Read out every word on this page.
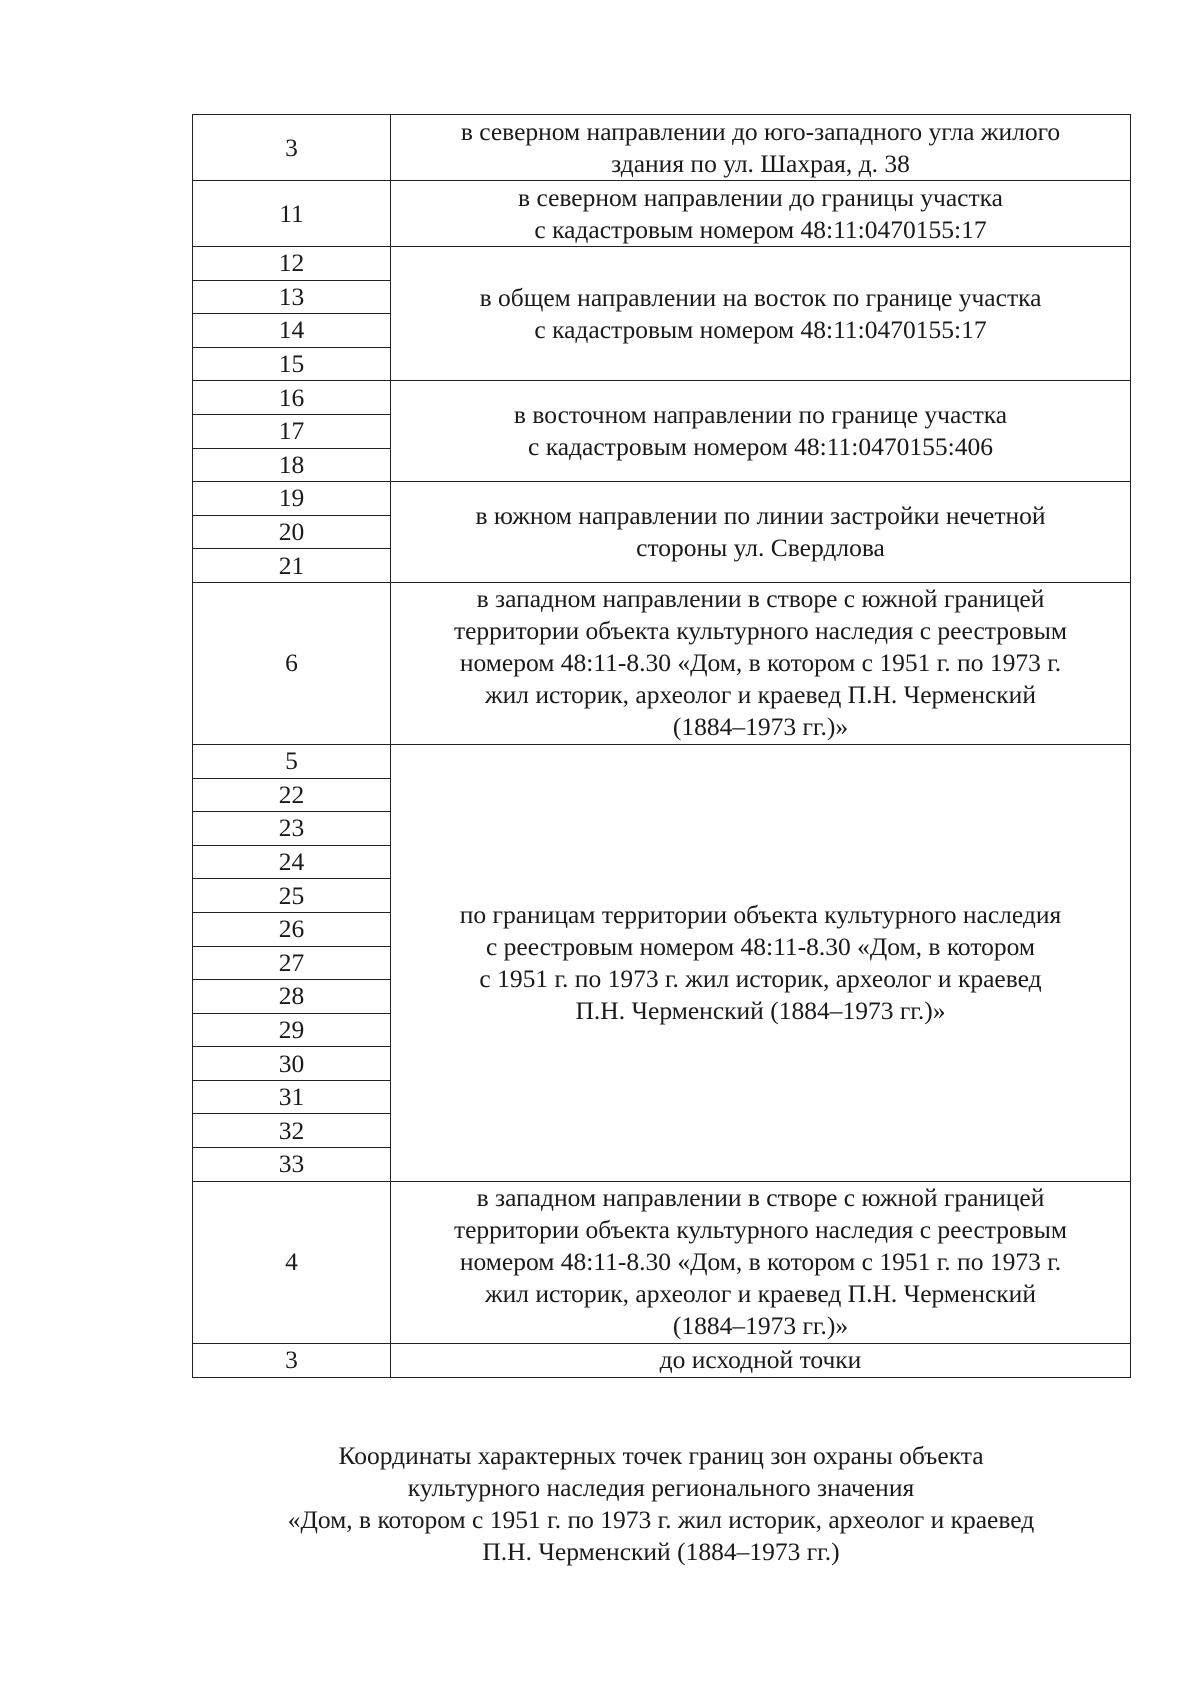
3	в северном направлении до юго-западного угла жилого
здания по ул. Шахрая, д. 38

11	в северном направлении до границы участка
с кадастровым номером 48:11:0470155:17

12	в общем направлении на восток по границе участка
с кадастровым номером 48:11:0470155:17

13	
14	
15	
16	в восточном направлении по границе участка
с кадастровым номером 48:11:0470155:406

17	
18	
19	в южном направлении по линии застройки нечетной
стороны ул. Свердлова

20	
21	
6	в западном направлении в створе с южной границей
территории объекта культурного наследия с реестровым
номером 48:11-8.30 «Дом, в котором с 1951 г. по 1973 г.
жил историк, археолог и краевед П.Н. Черменский
(1884–1973 гг.)»

5	по границам территории объекта культурного наследия
с реестровым номером 48:11-8.30 «Дом, в котором
с 1951 г. по 1973 г. жил историк, археолог и краевед
П.Н. Черменский (1884–1973 гг.)»

22	
23	
24	
25	
26	
27	
28	
29	
30	
31	
32	
33	
4	в западном направлении в створе с южной границей
территории объекта культурного наследия с реестровым
номером 48:11-8.30 «Дом, в котором с 1951 г. по 1973 г.
жил историк, археолог и краевед П.Н. Черменский
(1884–1973 гг.)»

3	до исходной точки
Координаты характерных точек границ зон охраны объекта
культурного наследия регионального значения
«Дом, в котором с 1951 г. по 1973 г. жил историк, археолог и краевед
П.Н. Черменский (1884–1973 гг.)
